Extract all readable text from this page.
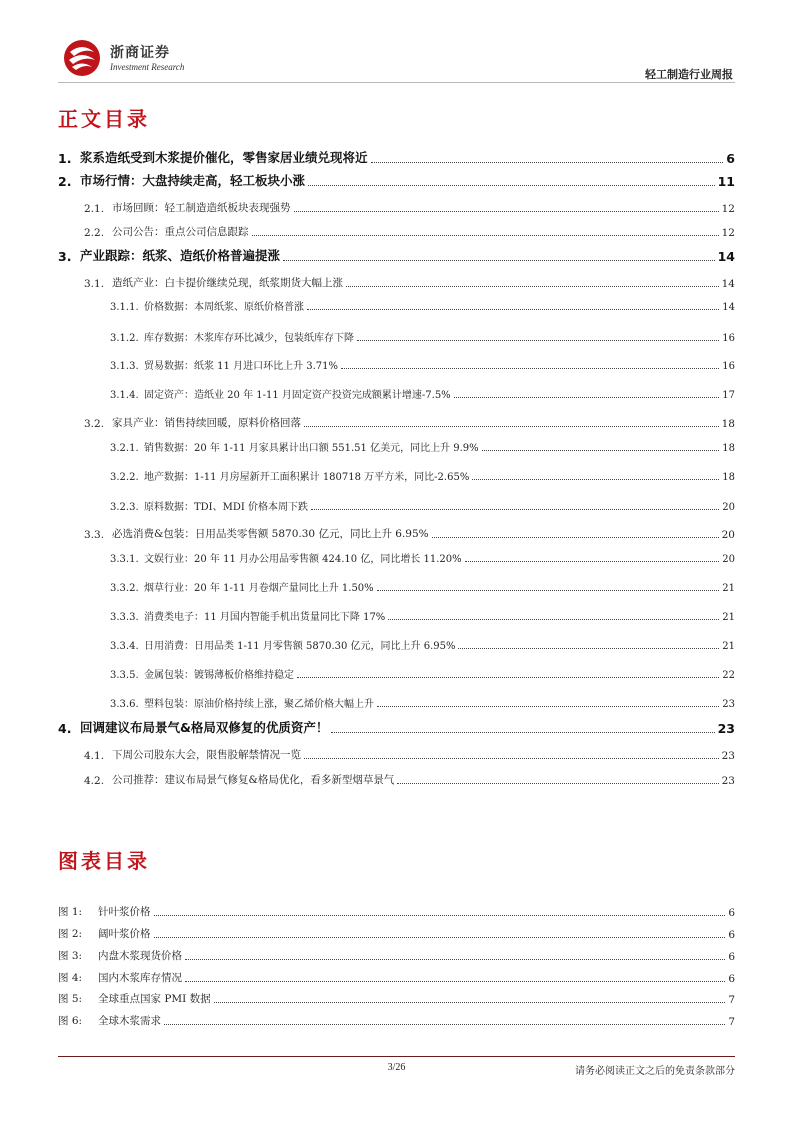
浙商证券
Investment Research
轻工制造行业周报
正文目录
1. 浆系造纸受到木浆提价催化，零售家居业绩兑现将近	6
2. 市场行情：大盘持续走高，轻工板块小涨	11
2.1. 市场回顾：轻工制造造纸板块表现强势	12
2.2. 公司公告：重点公司信息跟踪	12
3. 产业跟踪：纸浆、造纸价格普遍提涨	14
3.1. 造纸产业：白卡提价继续兑现，纸浆期货大幅上涨	14
3.1.1. 价格数据：本周纸浆、原纸价格普涨	14
3.1.2. 库存数据：木浆库存环比减少，包装纸库存下降	16
3.1.3. 贸易数据：纸浆 11 月进口环比上升 3.71%	16
3.1.4. 固定资产：造纸业 20 年 1-11 月固定资产投资完成额累计增速-7.5%	17
3.2. 家具产业：销售持续回暖，原料价格回落	18
3.2.1. 销售数据：20 年 1-11 月家具累计出口额 551.51 亿美元，同比上升 9.9%	18
3.2.2. 地产数据：1-11 月房屋新开工面积累计 180718 万平方米，同比-2.65%	18
3.2.3. 原料数据：TDI、MDI 价格本周下跌	20
3.3. 必选消费&包装：日用品类零售额 5870.30 亿元，同比上升 6.95%	20
3.3.1. 文娱行业：20 年 11 月办公用品零售额 424.10 亿，同比增长 11.20%	20
3.3.2. 烟草行业：20 年 1-11 月卷烟产量同比上升 1.50%	21
3.3.3. 消费类电子：11 月国内智能手机出货量同比下降 17%	21
3.3.4. 日用消费：日用品类 1-11 月零售额 5870.30 亿元，同比上升 6.95%	21
3.3.5. 金属包装：镀锡薄板价格维持稳定	22
3.3.6. 塑料包装：原油价格持续上涨，聚乙烯价格大幅上升	23
4. 回调建议布局景气&格局双修复的优质资产！	23
4.1. 下周公司股东大会，限售股解禁情况一览	23
4.2. 公司推荐：建议布局景气修复&格局优化，看多新型烟草景气	23
图表目录
图 1:	针叶浆价格	6
图 2:	阔叶浆价格	6
图 3:	内盘木浆现货价格	6
图 4:	国内木浆库存情况	6
图 5:	全球重点国家 PMI 数据	7
图 6:	全球木浆需求	7
3/26	请务必阅读正文之后的免责条款部分
